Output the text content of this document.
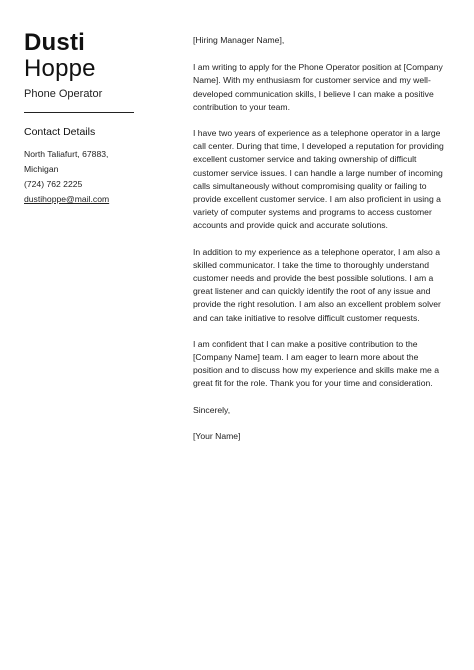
Dusti
Hoppe
Phone Operator
Contact Details
North Taliafurt, 67883,
Michigan
(724) 762 2225
dustihoppe@mail.com

[Hiring Manager Name],

I am writing to apply for the Phone Operator position at [Company Name]. With my enthusiasm for customer service and my well-developed communication skills, I believe I can make a positive contribution to your team.

I have two years of experience as a telephone operator in a large call center. During that time, I developed a reputation for providing excellent customer service and taking ownership of difficult customer service issues. I can handle a large number of incoming calls simultaneously without compromising quality or failing to provide excellent customer service. I am also proficient in using a variety of computer systems and programs to access customer accounts and provide quick and accurate solutions.

In addition to my experience as a telephone operator, I am also a skilled communicator. I take the time to thoroughly understand customer needs and provide the best possible solutions. I am a great listener and can quickly identify the root of any issue and provide the right resolution. I am also an excellent problem solver and can take initiative to resolve difficult customer requests.

I am confident that I can make a positive contribution to the [Company Name] team. I am eager to learn more about the position and to discuss how my experience and skills make me a great fit for the role. Thank you for your time and consideration.

Sincerely,

[Your Name]
